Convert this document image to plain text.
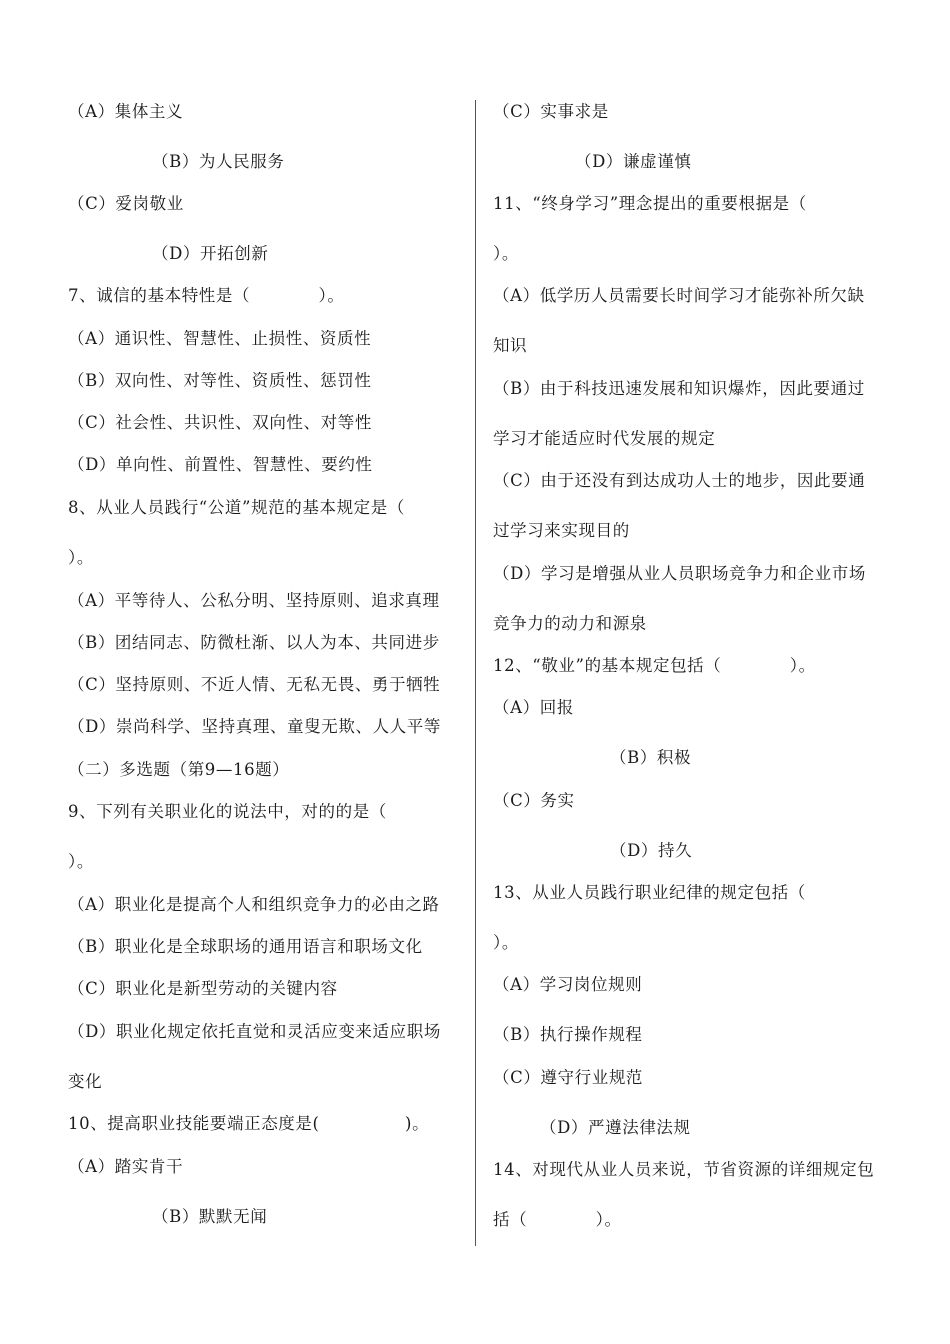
（A）集体主义
（B）为人民服务
（C）爱岗敬业
（D）开拓创新
7、诚信的基本特性是（　　　　）。
（A）通识性、智慧性、止损性、资质性
（B）双向性、对等性、资质性、惩罚性
（C）社会性、共识性、双向性、对等性
（D）单向性、前置性、智慧性、要约性
8、从业人员践行“公道”规范的基本规定是（
）。
（A）平等待人、公私分明、坚持原则、追求真理
（B）团结同志、防微杜渐、以人为本、共同进步
（C）坚持原则、不近人情、无私无畏、勇于牺牲
（D）崇尚科学、坚持真理、童叟无欺、人人平等
（二）多选题（第9—16题）
9、下列有关职业化的说法中，对的的是（
）。
（A）职业化是提高个人和组织竞争力的必由之路
（B）职业化是全球职场的通用语言和职场文化
（C）职业化是新型劳动的关键内容
（D）职业化规定依托直觉和灵活应变来适应职场
变化
10、提高职业技能要端正态度是(　　　　　)。
（A）踏实肯干
（B）默默无闻
（C）实事求是
（D）谦虚谨慎
11、“终身学习”理念提出的重要根据是（
）。
（A）低学历人员需要长时间学习才能弥补所欠缺
知识
（B）由于科技迅速发展和知识爆炸，因此要通过
学习才能适应时代发展的规定
（C）由于还没有到达成功人士的地步，因此要通
过学习来实现目的
（D）学习是增强从业人员职场竞争力和企业市场
竞争力的动力和源泉
12、“敬业”的基本规定包括（　　　　）。
（A）回报
（B）积极
（C）务实
（D）持久
13、从业人员践行职业纪律的规定包括（
）。
（A）学习岗位规则
（B）执行操作规程
（C）遵守行业规范
（D）严遵法律法规
14、对现代从业人员来说，节省资源的详细规定包
括（　　　　）。
